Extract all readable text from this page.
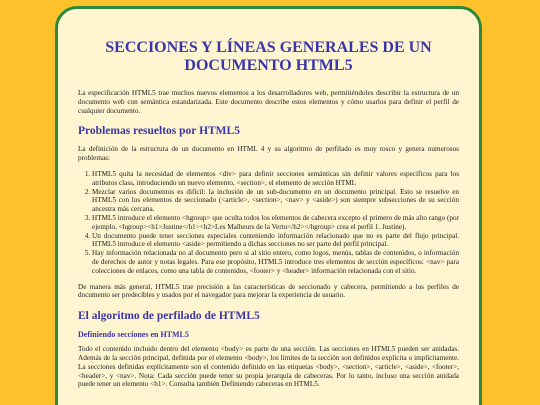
SECCIONES Y LÍNEAS GENERALES DE UN DOCUMENTO HTML5

La especificación HTML5 trae muchos nuevos elementos a los desarrolladores web, permitiéndoles describir la estructura de un documento web con semántica estandarizada. Este documento describe estos elementos y cómo usarlos para definir el perfil de cualquier documento.

Problemas resueltos por HTML5

La definición de la estructura de un documento en HTML 4 y su algoritmo de perfilado es muy tosco y genera numerosos problemas:

1. HTML5 quita la necesidad de elementos <div> para definir secciones semánticas sin definir valores específicos para los atributos class, introduciendo un nuevo elemento, <section>, el elemento de sección HTML
2. Mezclar varios documentos es difícil: la inclusión de un sub-documento en un documento principal. Esto se resuelve en HTML5 con los elementos de seccionado (<article>, <section>, <nav> y <aside>) son siempre subsecciones de su sección ancestra más cercana.
3. HTML5 introduce el elemento <hgroup> que oculta todos los elementos de cabecera excepto el primero de más alto rango (por ejemplo, <hgroup><h1>Justine</h1><h2>Les Malheurs de la Vertu</h2></hgroup> crea el perfil 1. Justine).
4. Un documento puede tener secciones especiales conteniendo información relacionado que no es parte del flujo principal. HTML5 introduce el elemento <aside> permitiendo a dichas secciones no ser parte del perfil principal.
5. Hay información relacionada no al documento pero si al sitio entero, como logos, menús, tablas de contenidos, o información de derechos de autor y notas legales. Para ese propósito, HTML5 introduce tres elementos de sección específicos: <nav> para colecciones de enlaces, como una tabla de contenidos, <footer> y <header> información relacionada con el sitio.

De manera más general, HTML5 trae precisión a las características de seccionado y cabecera, permitiendo a los perfiles de documento ser predecibles y usados por el navegador para mejorar la experiencia de usuario.

El algoritmo de perfilado de HTML5
Definiendo secciones en HTML5

Todo el contenido incluido dentro del elemento <body> es parte de una sección. Las secciones en HTML5 pueden ser anidadas. Además de la sección principal, definida por el elemento <body>, los límites de la sección son definidos explícita o implícitamente. La secciones definidas explícitamente son el contenido definido en las etiquetas <body>, <section>, <article>, <aside>, <footer>, <header>, y <nav>. Nota: Cada sección puede tener su propia jerarquía de cabeceras. Por lo tanto, incluso una sección anidada puede tener un elemento <h1>. Consulta también Definiendo cabeceras en HTML5.
